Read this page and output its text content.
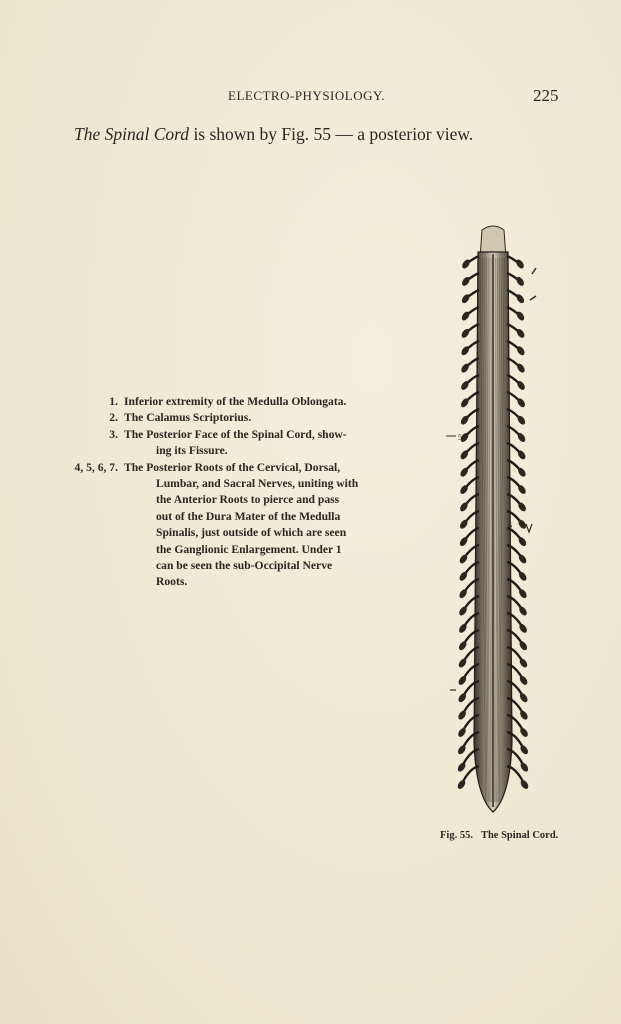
ELECTRO-PHYSIOLOGY.	225
The Spinal Cord is shown by Fig. 55 — a posterior view.
1. Inferior extremity of the Medulla Oblongata.
2. The Calamus Scriptorius.
3. The Posterior Face of the Spinal Cord, show-
ing its Fissure.
4, 5, 6, 7. The Posterior Roots of the Cervical, Dorsal,
Lumbar, and Sacral Nerves, uniting with
the Anterior Roots to pierce and pass
out of the Dura Mater of the Medulla
Spinalis, just outside of which are seen
the Ganglionic Enlargement. Under 1
can be seen the sub-Occipital Nerve
Roots.
5
6
Fig. 55. The Spinal Cord.
